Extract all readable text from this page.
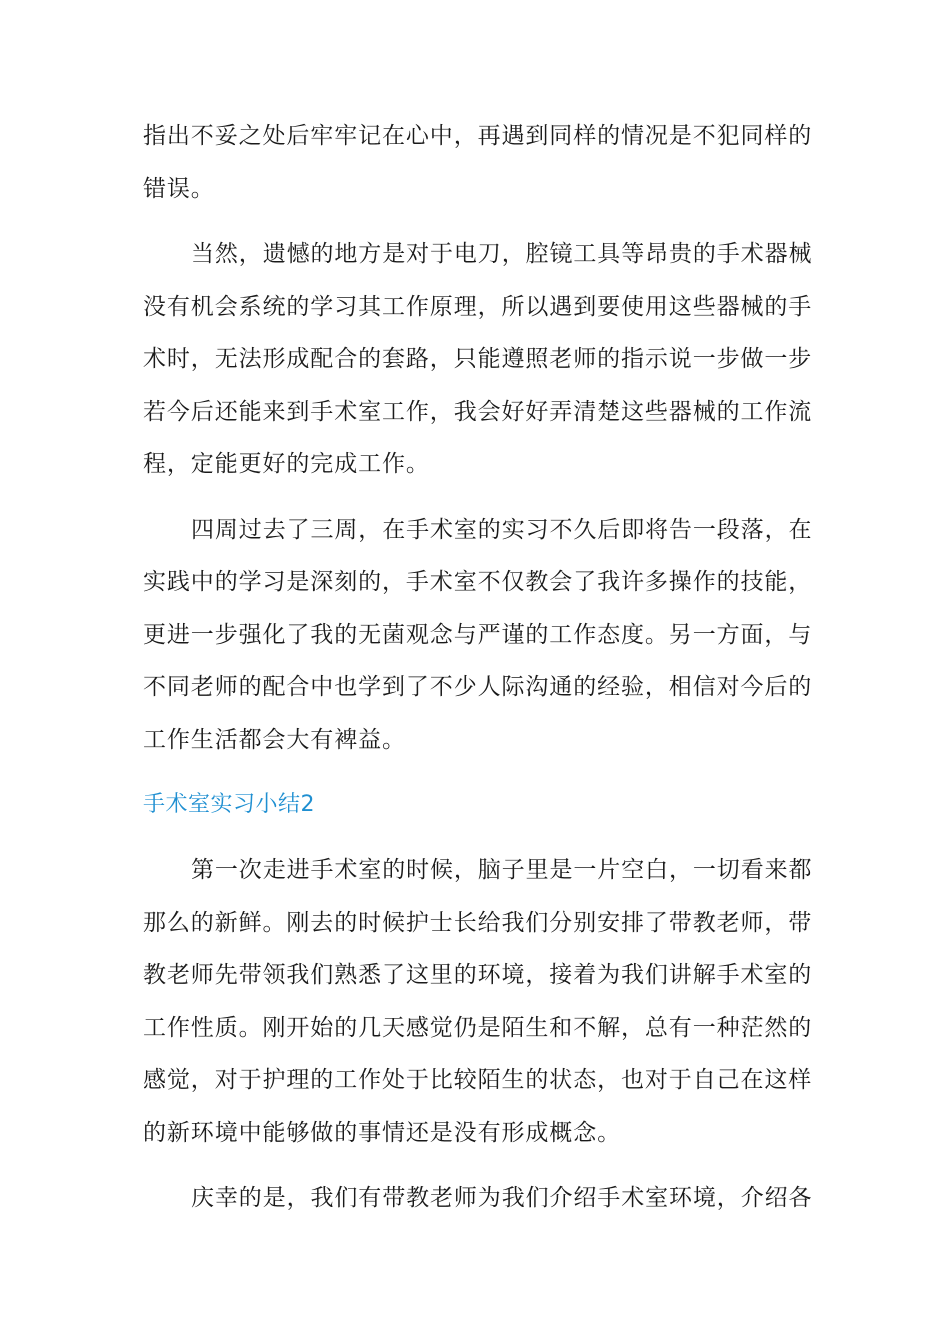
指出不妥之处后牢牢记在心中，再遇到同样的情况是不犯同样的
错误。
当然，遗憾的地方是对于电刀，腔镜工具等昂贵的手术器械
没有机会系统的学习其工作原理，所以遇到要使用这些器械的手
术时，无法形成配合的套路，只能遵照老师的指示说一步做一步
若今后还能来到手术室工作，我会好好弄清楚这些器械的工作流
程，定能更好的完成工作。
四周过去了三周，在手术室的实习不久后即将告一段落，在
实践中的学习是深刻的，手术室不仅教会了我许多操作的技能，
更进一步强化了我的无菌观念与严谨的工作态度。另一方面，与
不同老师的配合中也学到了不少人际沟通的经验，相信对今后的
工作生活都会大有裨益。
手术室实习小结2
第一次走进手术室的时候，脑子里是一片空白，一切看来都
那么的新鲜。刚去的时候护士长给我们分别安排了带教老师，带
教老师先带领我们熟悉了这里的环境，接着为我们讲解手术室的
工作性质。刚开始的几天感觉仍是陌生和不解，总有一种茫然的
感觉，对于护理的工作处于比较陌生的状态，也对于自己在这样
的新环境中能够做的事情还是没有形成概念。
庆幸的是，我们有带教老师为我们介绍手术室环境，介绍各
